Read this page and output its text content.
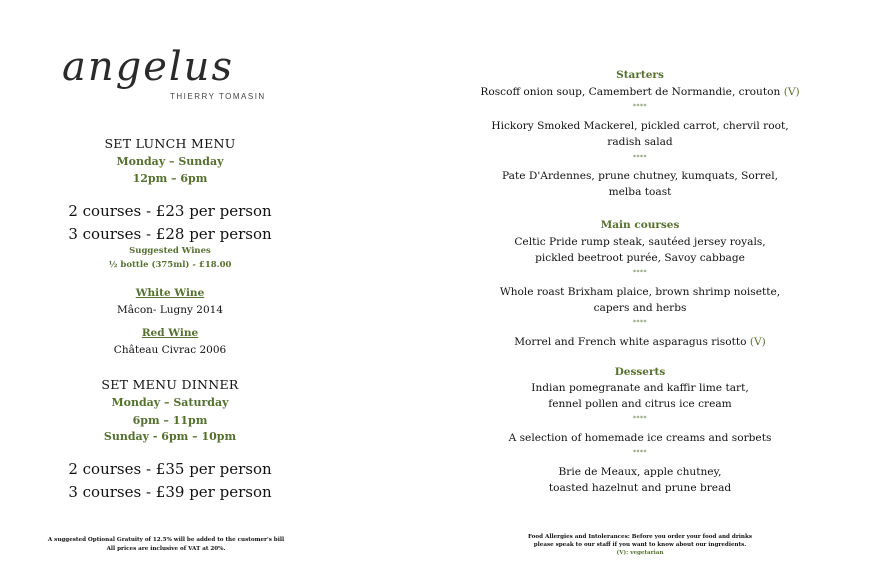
angelus
THIERRY TOMASIN
SET LUNCH MENU
Monday – Sunday
12pm – 6pm
2 courses - £23 per person
3 courses - £28 per person
Suggested Wines
½ bottle (375ml) - £18.00
White Wine
Mâcon- Lugny 2014
Red Wine
Château Civrac 2006
SET MENU DINNER
Monday – Saturday
6pm – 11pm
Sunday - 6pm – 10pm
2 courses - £35 per person
3 courses - £39 per person
A suggested Optional Gratuity of 12.5% will be added to the customer's bill
All prices are inclusive of VAT at 20%.
Starters
Roscoff onion soup, Camembert de Normandie, crouton (V)
****
Hickory Smoked Mackerel, pickled carrot, chervil root,
radish salad
****
Pate D'Ardennes, prune chutney, kumquats, Sorrel,
melba toast
Main courses
Celtic Pride rump steak, sautéed jersey royals,
pickled beetroot purée, Savoy cabbage
****
Whole roast Brixham plaice, brown shrimp noisette,
capers and herbs
****
Morrel and French white asparagus risotto (V)
Desserts
Indian pomegranate and kaffir lime tart,
fennel pollen and citrus ice cream
****
A selection of homemade ice creams and sorbets
****
Brie de Meaux, apple chutney,
toasted hazelnut and prune bread
Food Allergies and Intolerances: Before you order your food and drinks
please speak to our staff if you want to know about our ingredients.
(V): vegetarian
